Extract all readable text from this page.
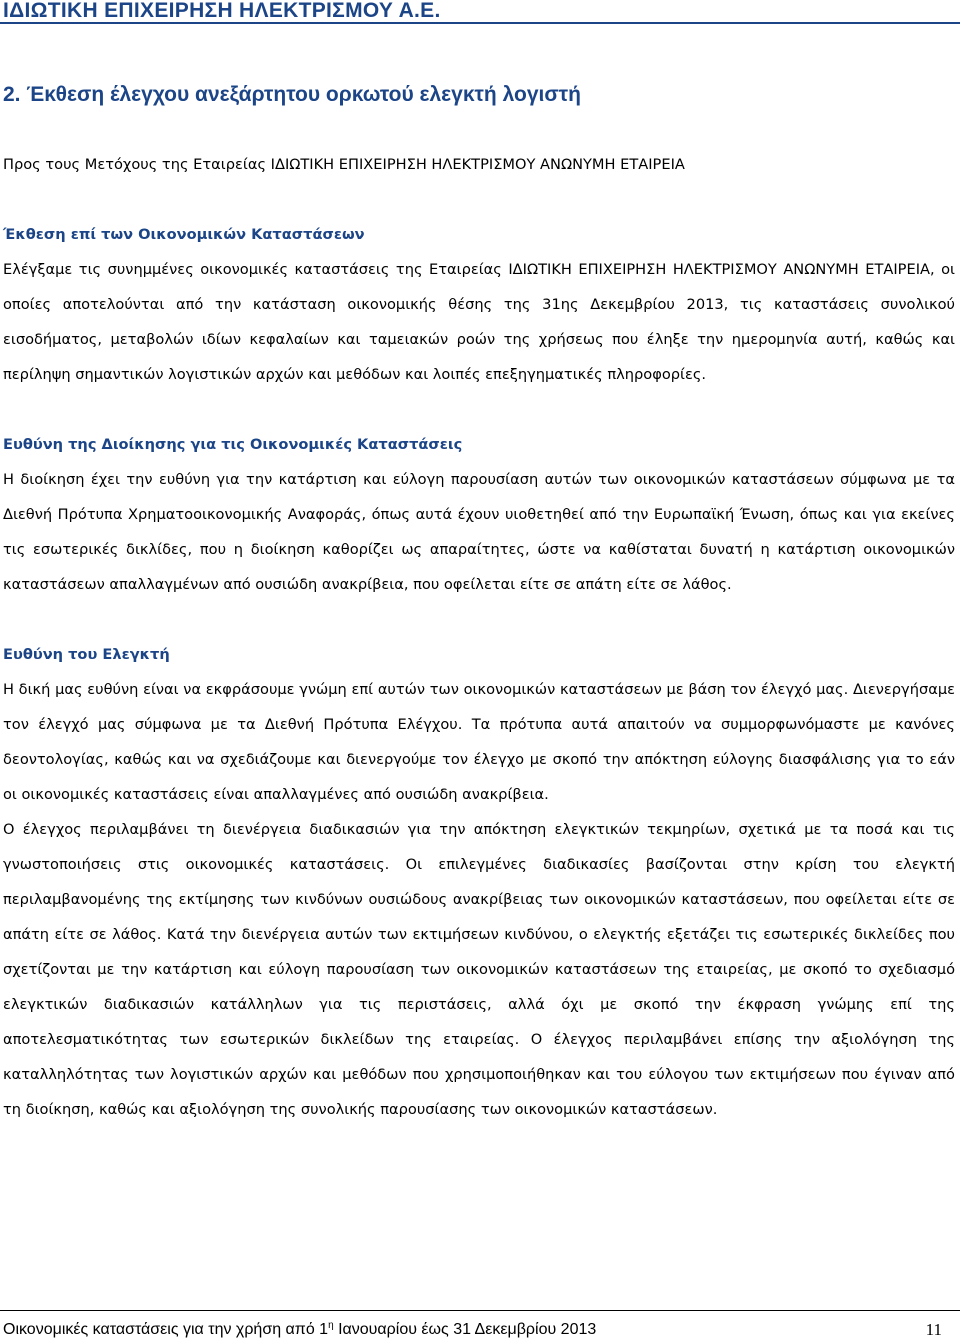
ΙΔΙΩΤΙΚΗ ΕΠΙΧΕΙΡΗΣΗ ΗΛΕΚΤΡΙΣΜΟΥ Α.Ε.
2. Έκθεση έλεγχου ανεξάρτητου ορκωτού ελεγκτή λογιστή

Προς τους Μετόχους της Εταιρείας ΙΔΙΩΤΙΚΗ ΕΠΙΧΕΙΡΗΣΗ ΗΛΕΚΤΡΙΣΜΟΥ ΑΝΩΝΥΜΗ ΕΤΑΙΡΕΙΑ

Έκθεση επί των Οικονομικών Καταστάσεων

Ελέγξαμε τις συνημμένες οικονομικές καταστάσεις της Εταιρείας ΙΔΙΩΤΙΚΗ ΕΠΙΧΕΙΡΗΣΗ ΗΛΕΚΤΡΙΣΜΟΥ ΑΝΩΝΥΜΗ ΕΤΑΙΡΕΙΑ, οι οποίες αποτελούνται από την κατάσταση οικονομικής θέσης της 31ης Δεκεμβρίου 2013, τις καταστάσεις συνολικού εισοδήματος, μεταβολών ιδίων κεφαλαίων και ταμειακών ροών της χρήσεως που έληξε την ημερομηνία αυτή, καθώς και περίληψη σημαντικών λογιστικών αρχών και μεθόδων και λοιπές επεξηγηματικές πληροφορίες.

Ευθύνη της Διοίκησης για τις Οικονομικές Καταστάσεις

Η διοίκηση έχει την ευθύνη για την κατάρτιση και εύλογη παρουσίαση αυτών των οικονομικών καταστάσεων σύμφωνα με τα Διεθνή Πρότυπα Χρηματοοικονομικής Αναφοράς, όπως αυτά έχουν υιοθετηθεί από την Ευρωπαϊκή Ένωση, όπως και για εκείνες τις εσωτερικές δικλίδες, που η διοίκηση καθορίζει ως απαραίτητες, ώστε να καθίσταται δυνατή η κατάρτιση οικονομικών καταστάσεων απαλλαγμένων από ουσιώδη ανακρίβεια, που οφείλεται είτε σε απάτη είτε σε λάθος.

Ευθύνη του Ελεγκτή

Η δική μας ευθύνη είναι να εκφράσουμε γνώμη επί αυτών των οικονομικών καταστάσεων με βάση τον έλεγχό μας. Διενεργήσαμε τον έλεγχό μας σύμφωνα με τα Διεθνή Πρότυπα Ελέγχου. Τα πρότυπα αυτά απαιτούν να συμμορφωνόμαστε με κανόνες δεοντολογίας, καθώς και να σχεδιάζουμε και διενεργούμε τον έλεγχο με σκοπό την απόκτηση εύλογης διασφάλισης για το εάν οι οικονομικές καταστάσεις είναι απαλλαγμένες από ουσιώδη ανακρίβεια.

Ο έλεγχος περιλαμβάνει τη διενέργεια διαδικασιών για την απόκτηση ελεγκτικών τεκμηρίων, σχετικά με τα ποσά και τις γνωστοποιήσεις στις οικονομικές καταστάσεις. Οι επιλεγμένες διαδικασίες βασίζονται στην κρίση του ελεγκτή περιλαμβανομένης της εκτίμησης των κινδύνων ουσιώδους ανακρίβειας των οικονομικών καταστάσεων, που οφείλεται είτε σε απάτη είτε σε λάθος. Κατά την διενέργεια αυτών των εκτιμήσεων κινδύνου, ο ελεγκτής εξετάζει τις εσωτερικές δικλείδες που σχετίζονται με την κατάρτιση και εύλογη παρουσίαση των οικονομικών καταστάσεων της εταιρείας, με σκοπό το σχεδιασμό ελεγκτικών διαδικασιών κατάλληλων για τις περιστάσεις, αλλά όχι με σκοπό την έκφραση γνώμης επί της αποτελεσματικότητας των εσωτερικών δικλείδων της εταιρείας. Ο έλεγχος περιλαμβάνει επίσης την αξιολόγηση της καταλληλότητας των λογιστικών αρχών και μεθόδων που χρησιμοποιήθηκαν και του εύλογου των εκτιμήσεων που έγιναν από τη διοίκηση, καθώς και αξιολόγηση της συνολικής παρουσίασης των οικονομικών καταστάσεων.

Οικονομικές καταστάσεις για την χρήση από $1^\eta$ Ιανουαρίου έως 31 Δεκεμβρίου 2013	11
